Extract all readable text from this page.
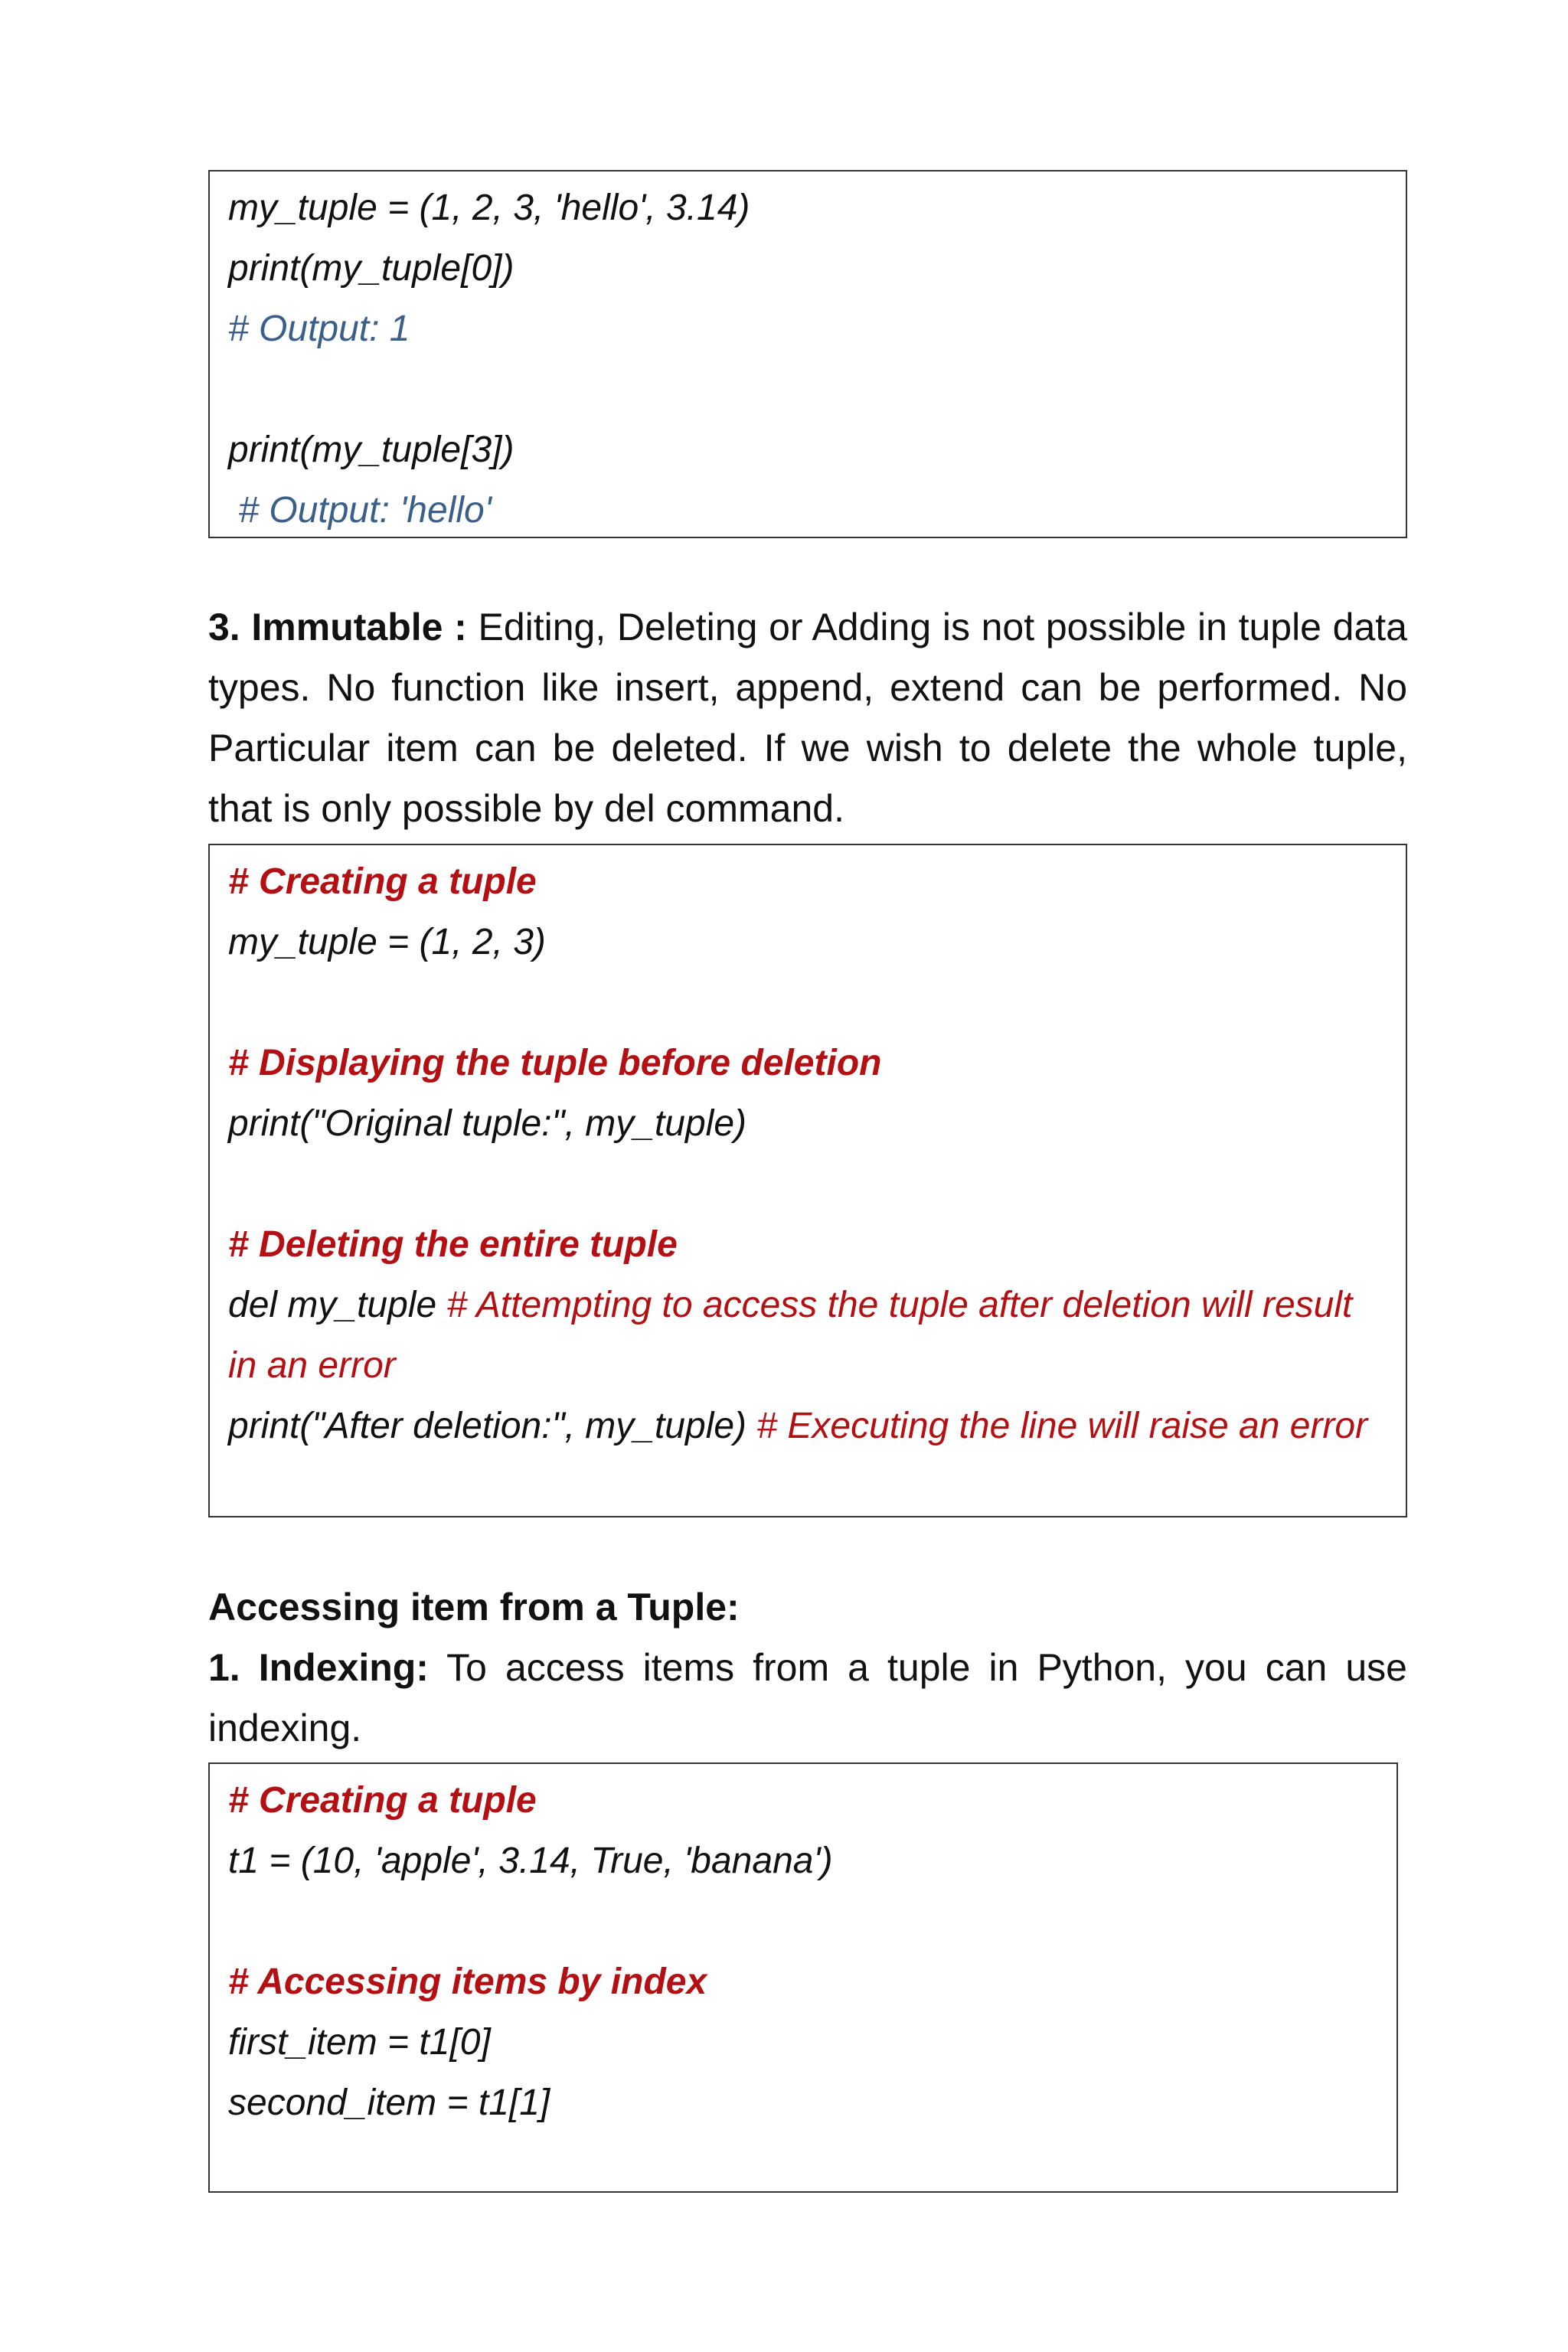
my_tuple = (1, 2, 3, 'hello', 3.14)
print(my_tuple[0])
# Output: 1
print(my_tuple[3])
# Output: 'hello'
3. Immutable : Editing, Deleting or Adding is not possible in tuple data types. No function like insert, append, extend can be performed. No Particular item can be deleted. If we wish to delete the whole tuple, that is only possible by del command.
# Creating a tuple
my_tuple = (1, 2, 3)
# Displaying the tuple before deletion
print("Original tuple:", my_tuple)
# Deleting the entire tuple
del my_tuple # Attempting to access the tuple after deletion will result in an error
print("After deletion:", my_tuple) # Executing the line will raise an error
Accessing item from a Tuple:
1. Indexing: To access items from a tuple in Python, you can use indexing.
# Creating a tuple
t1 = (10, 'apple', 3.14, True, 'banana')
# Accessing items by index
first_item = t1[0]
second_item = t1[1]
